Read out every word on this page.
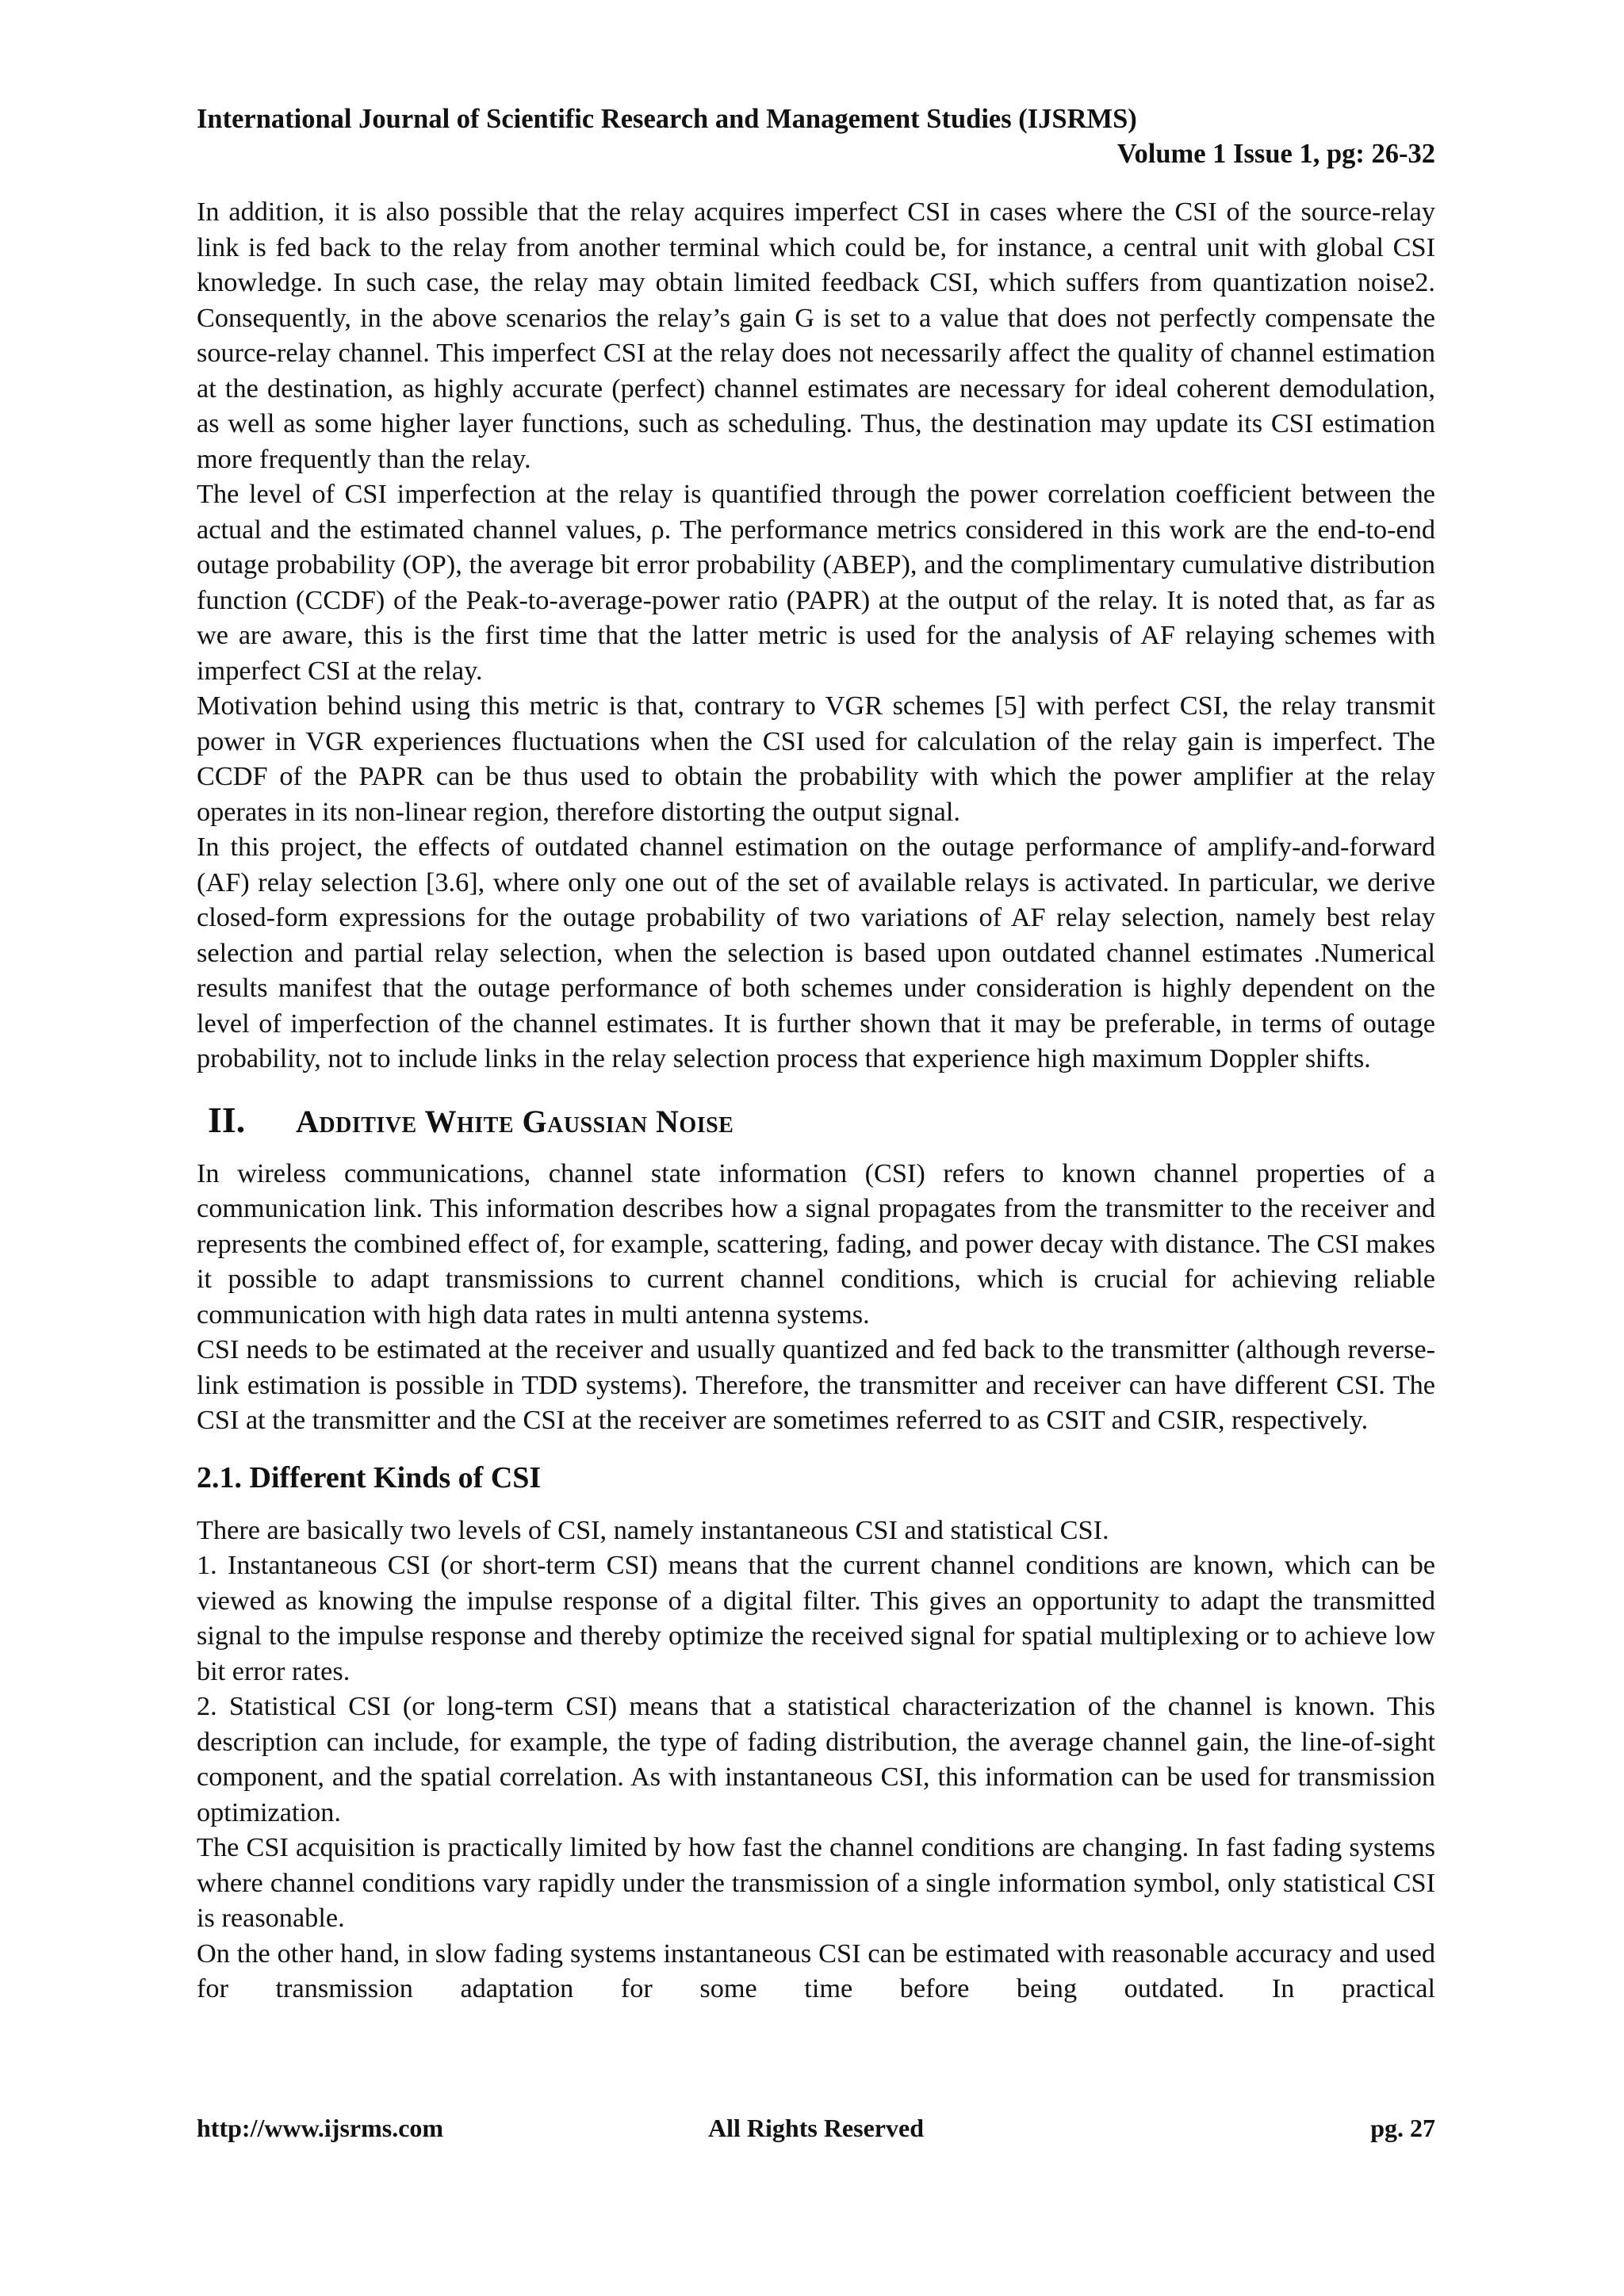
International Journal of Scientific Research and Management Studies (IJSRMS)
Volume 1 Issue 1, pg: 26-32

In addition, it is also possible that the relay acquires imperfect CSI in cases where the CSI of the source-relay link is fed back to the relay from another terminal which could be, for instance, a central unit with global CSI knowledge. In such case, the relay may obtain limited feedback CSI, which suffers from quantization noise2. Consequently, in the above scenarios the relay’s gain G is set to a value that does not perfectly compensate the source-relay channel. This imperfect CSI at the relay does not necessarily affect the quality of channel estimation at the destination, as highly accurate (perfect) channel estimates are necessary for ideal coherent demodulation, as well as some higher layer functions, such as scheduling. Thus, the destination may update its CSI estimation more frequently than the relay.

The level of CSI imperfection at the relay is quantified through the power correlation coefficient between the actual and the estimated channel values, ρ. The performance metrics considered in this work are the end-to-end outage probability (OP), the average bit error probability (ABEP), and the complimentary cumulative distribution function (CCDF) of the Peak-to-average-power ratio (PAPR) at the output of the relay. It is noted that, as far as we are aware, this is the first time that the latter metric is used for the analysis of AF relaying schemes with imperfect CSI at the relay.

Motivation behind using this metric is that, contrary to VGR schemes [5] with perfect CSI, the relay transmit power in VGR experiences fluctuations when the CSI used for calculation of the relay gain is imperfect. The CCDF of the PAPR can be thus used to obtain the probability with which the power amplifier at the relay operates in its non-linear region, therefore distorting the output signal.

In this project, the effects of outdated channel estimation on the outage performance of amplify-and-forward (AF) relay selection [3.6], where only one out of the set of available relays is activated. In particular, we derive closed-form expressions for the outage probability of two variations of AF relay selection, namely best relay selection and partial relay selection, when the selection is based upon outdated channel estimates .Numerical results manifest that the outage performance of both schemes under consideration is highly dependent on the level of imperfection of the channel estimates. It is further shown that it may be preferable, in terms of outage probability, not to include links in the relay selection process that experience high maximum Doppler shifts.

II.	Additive White Gaussian Noise

In wireless communications, channel state information (CSI) refers to known channel properties of a communication link. This information describes how a signal propagates from the transmitter to the receiver and represents the combined effect of, for example, scattering, fading, and power decay with distance. The CSI makes it possible to adapt transmissions to current channel conditions, which is crucial for achieving reliable communication with high data rates in multi antenna systems.

CSI needs to be estimated at the receiver and usually quantized and fed back to the transmitter (although reverse-link estimation is possible in TDD systems). Therefore, the transmitter and receiver can have different CSI. The CSI at the transmitter and the CSI at the receiver are sometimes referred to as CSIT and CSIR, respectively.

2.1. Different Kinds of CSI

There are basically two levels of CSI, namely instantaneous CSI and statistical CSI.

1. Instantaneous CSI (or short-term CSI) means that the current channel conditions are known, which can be viewed as knowing the impulse response of a digital filter. This gives an opportunity to adapt the transmitted signal to the impulse response and thereby optimize the received signal for spatial multiplexing or to achieve low bit error rates.

2. Statistical CSI (or long-term CSI) means that a statistical characterization of the channel is known. This description can include, for example, the type of fading distribution, the average channel gain, the line-of-sight component, and the spatial correlation. As with instantaneous CSI, this information can be used for transmission optimization.

The CSI acquisition is practically limited by how fast the channel conditions are changing. In fast fading systems where channel conditions vary rapidly under the transmission of a single information symbol, only statistical CSI is reasonable.

On the other hand, in slow fading systems instantaneous CSI can be estimated with reasonable accuracy and used for transmission adaptation for some time before being outdated. In practical

http://www.ijsrms.com	All Rights Reserved	pg. 27
